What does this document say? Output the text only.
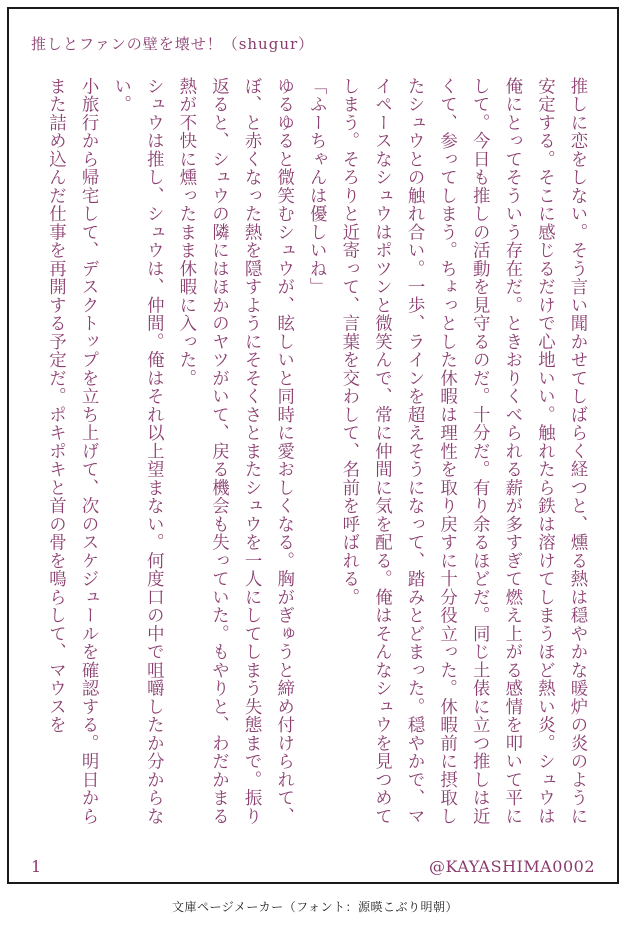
推しとファンの壁を壊せ！（shugur）

推しに恋をしない。そう言い聞かせてしばらく経つと、燻る熱は穏やかな暖炉の炎のように安定する。そこに感じるだけで心地いい。触れたら鉄は溶けてしまうほど熱い炎。シュウは俺にとってそういう存在だ。ときおりくべられる薪が多すぎて燃え上がる感情を叩いて平にして。今日も推しの活動を見守るのだ。十分だ。有り余るほどだ。同じ土俵に立つ推しは近くて、参ってしまう。ちょっとした休暇は理性を取り戻すに十分役立った。休暇前に摂取したシュウとの触れ合い。一歩、ラインを超えそうになって、踏みとどまった。穏やかで、マイペースなシュウはポツンと微笑んで、常に仲間に気を配る。俺はそんなシュウを見つめてしまう。そろりと近寄って、言葉を交わして、名前を呼ばれる。

「ふーちゃんは優しいね」

ゆるゆると微笑むシュウが、眩しいと同時に愛おしくなる。胸がぎゅうと締め付けられて、ぼ、と赤くなった熱を隠すようにそそくさとまたシュウを一人にしてしまう失態まで。振り返ると、シュウの隣にはほかのヤツがいて、戻る機会も失っていた。もやりと、わだかまる熱が不快に燻ったまま休暇に入った。

シュウは推し、シュウは、仲間。俺はそれ以上望まない。何度口の中で咀嚼したか分からない。

小旅行から帰宅して、デスクトップを立ち上げて、次のスケジュールを確認する。明日からまた詰め込んだ仕事を再開する予定だ。ポキポキと首の骨を鳴らして、マウスを

1	@KAYASHIMA0002
文庫ページメーカー（フォント：源暎こぶり明朝）
